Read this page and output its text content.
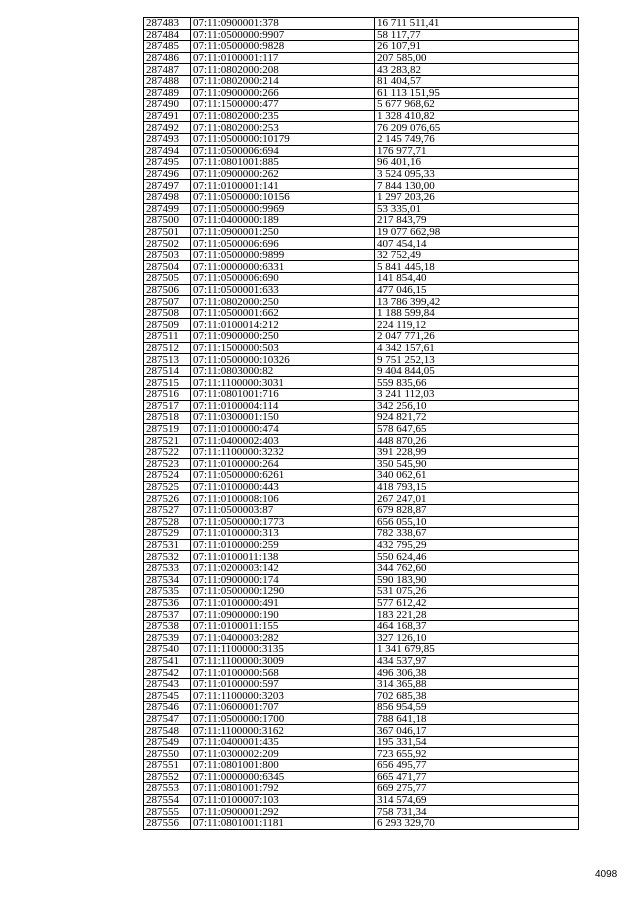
287483	07:11:0900001:378	16 711 511,41
287484	07:11:0500000:9907	58 117,77
287485	07:11:0500000:9828	26 107,91
287486	07:11:0100001:117	207 585,00
287487	07:11:0802000:208	43 283,82
287488	07:11:0802000:214	81 404,57
287489	07:11:0900000:266	61 113 151,95
287490	07:11:1500000:477	5 677 968,62
287491	07:11:0802000:235	1 328 410,82
287492	07:11:0802000:253	76 209 076,65
287493	07:11:0500000:10179	2 145 749,76
287494	07:11:0500006:694	176 977,71
287495	07:11:0801001:885	96 401,16
287496	07:11:0900000:262	3 524 095,33
287497	07:11:0100001:141	7 844 130,00
287498	07:11:0500000:10156	1 297 203,26
287499	07:11:0500000:9969	53 335,01
287500	07:11:0400000:189	217 843,79
287501	07:11:0900001:250	19 077 662,98
287502	07:11:0500006:696	407 454,14
287503	07:11:0500000:9899	32 752,49
287504	07:11:0000000:6331	5 841 445,18
287505	07:11:0500006:690	141 854,40
287506	07:11:0500001:633	477 046,15
287507	07:11:0802000:250	13 786 399,42
287508	07:11:0500001:662	1 188 599,84
287509	07:11:0100014:212	224 119,12
287511	07:11:0900000:250	2 047 771,26
287512	07:11:1500000:503	4 342 157,61
287513	07:11:0500000:10326	9 751 252,13
287514	07:11:0803000:82	9 404 844,05
287515	07:11:1100000:3031	559 835,66
287516	07:11:0801001:716	3 241 112,03
287517	07:11:0100004:114	342 256,10
287518	07:11:0300001:150	924 821,72
287519	07:11:0100000:474	578 647,65
287521	07:11:0400002:403	448 870,26
287522	07:11:1100000:3232	391 228,99
287523	07:11:0100000:264	350 545,90
287524	07:11:0500000:6261	340 062,61
287525	07:11:0100000:443	418 793,15
287526	07:11:0100008:106	267 247,01
287527	07:11:0500003:87	679 828,87
287528	07:11:0500000:1773	656 055,10
287529	07:11:0100000:313	782 338,67
287531	07:11:0100000:259	432 795,29
287532	07:11:0100011:138	550 624,46
287533	07:11:0200003:142	344 762,60
287534	07:11:0900000:174	590 183,90
287535	07:11:0500000:1290	531 075,26
287536	07:11:0100000:491	577 612,42
287537	07:11:0900000:190	183 221,28
287538	07:11:0100011:155	464 168,37
287539	07:11:0400003:282	327 126,10
287540	07:11:1100000:3135	1 341 679,85
287541	07:11:1100000:3009	434 537,97
287542	07:11:0100000:568	496 306,38
287543	07:11:0100000:597	314 365,88
287545	07:11:1100000:3203	702 685,38
287546	07:11:0600001:707	856 954,59
287547	07:11:0500000:1700	788 641,18
287548	07:11:1100000:3162	367 046,17
287549	07:11:0400001:435	195 331,54
287550	07:11:0300002:209	723 655,92
287551	07:11:0801001:800	656 495,77
287552	07:11:0000000:6345	665 471,77
287553	07:11:0801001:792	669 275,77
287554	07:11:0100007:103	314 574,69
287555	07:11:0900001:292	758 731,34
287556	07:11:0801001:1181	6 293 329,70
4098
